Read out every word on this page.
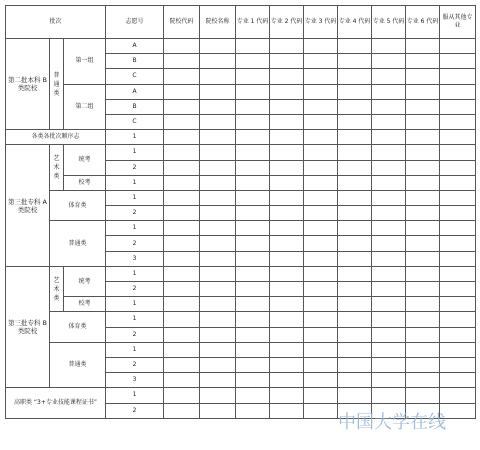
批次			志愿号	院校代码	院校名称	专业 1 代码	专业 2 代码	专业 3 代码	专业 4 代码	专业 5 代码	专业 6 代码	服从其他专业
第二批本科 B 类院校	普通类	第一组	A									
			B									
			C									
		第二组	A									
			B									
			C									
各类各批次顺序志			1									
第三批专科 A 类院校	艺术类	统考	1									
			2									
		校考	1									
	体育类		1									
			2									
	普通类		1									
			2									
			3									
第三批专科 B 类院校	艺术类	统考	1									
			2									
		校考	1									
	体育类		1									
			2									
	普通类		1									
			2									
			3									
高职类 “3+专业技能课程证书”			1									
			2									
中国大学在线
